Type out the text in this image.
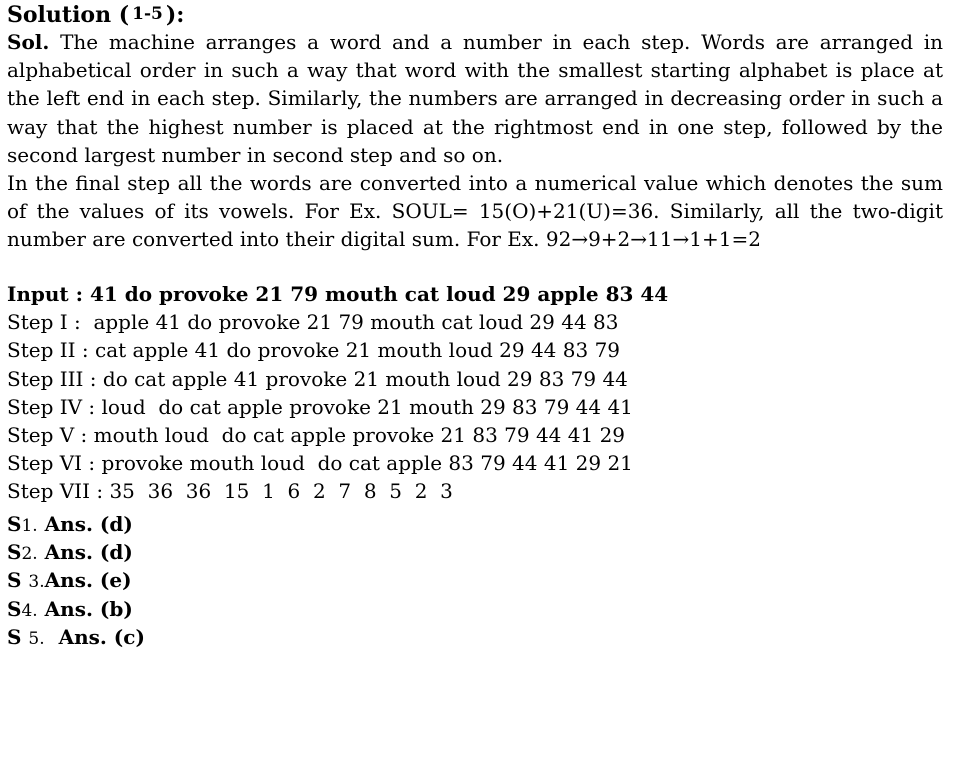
Solution ( 1-5 ):

Sol. The machine arranges a word and a number in each step. Words are arranged in alphabetical order in such a way that word with the smallest starting alphabet is place at the left end in each step. Similarly, the numbers are arranged in decreasing order in such a way that the highest number is placed at the rightmost end in one step, followed by the second largest number in second step and so on.

In the final step all the words are converted into a numerical value which denotes the sum of the values of its vowels. For Ex. SOUL= 15(O)+21(U)=36. Similarly, all the two-digit number are converted into their digital sum. For Ex. 92→9+2→11→1+1=2

Input : 41 do provoke 21 79 mouth cat loud 29 apple 83 44
Step I :  apple 41 do provoke 21 79 mouth cat loud 29 44 83
Step II : cat apple 41 do provoke 21 mouth loud 29 44 83 79
Step III : do cat apple 41 provoke 21 mouth loud 29 83 79 44
Step IV : loud  do cat apple provoke 21 mouth 29 83 79 44 41
Step V : mouth loud  do cat apple provoke 21 83 79 44 41 29
Step VI : provoke mouth loud  do cat apple 83 79 44 41 29 21
Step VII : 35  36  36  15  1  6  2  7  8  5  2  3
S1. Ans. (d)
S2. Ans. (d)
S 3.Ans. (e)
S4. Ans. (b)
S 5.  Ans. (c)
